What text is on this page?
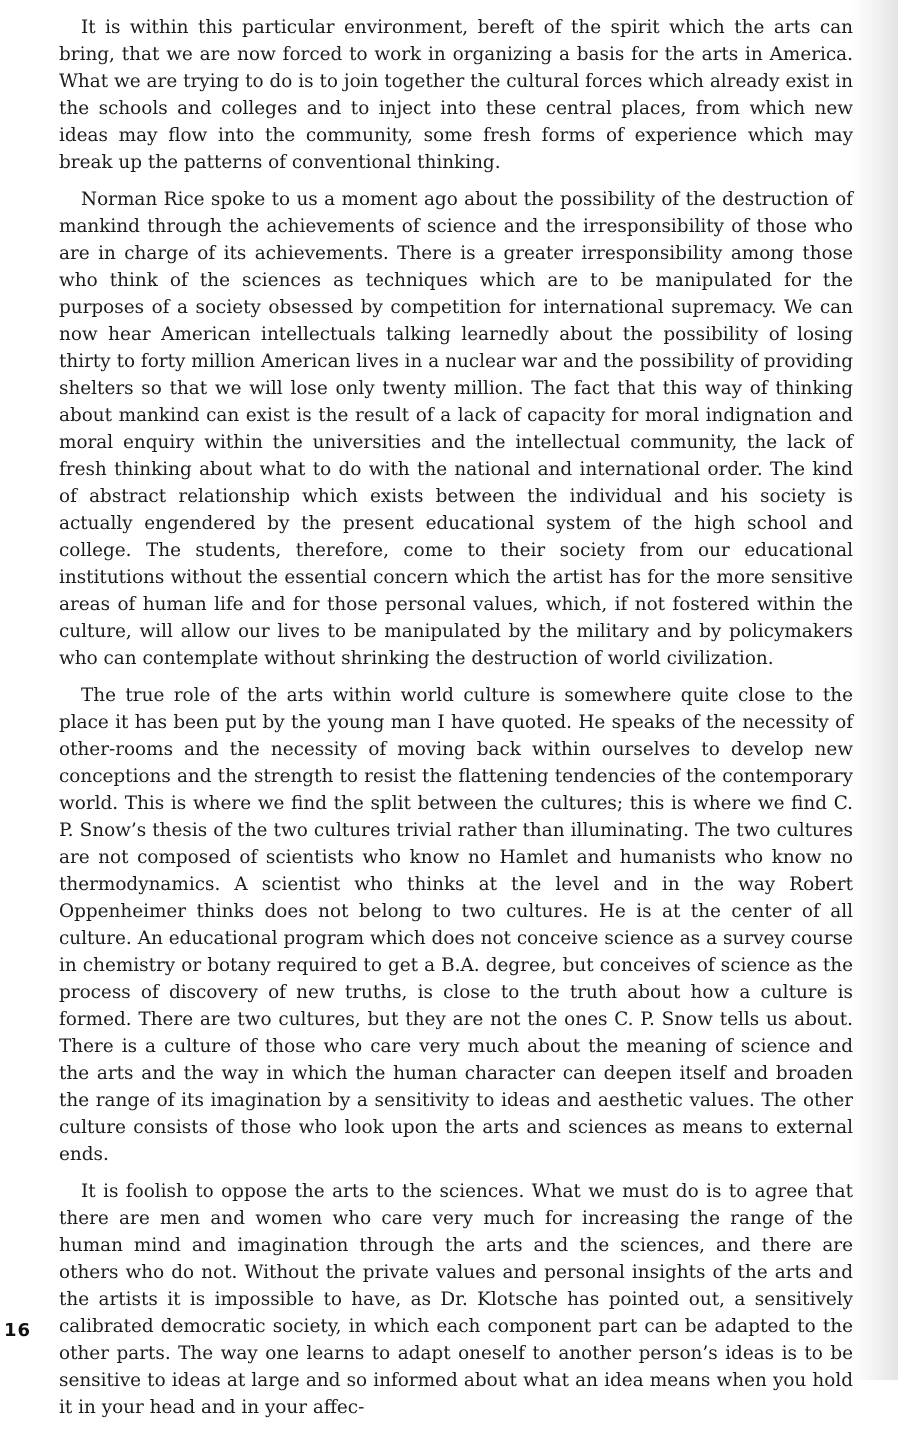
It is within this particular environment, bereft of the spirit which the arts can bring, that we are now forced to work in organizing a basis for the arts in America. What we are trying to do is to join together the cultural forces which already exist in the schools and colleges and to inject into these central places, from which new ideas may flow into the community, some fresh forms of experience which may break up the patterns of conventional thinking.

Norman Rice spoke to us a moment ago about the possibility of the destruction of mankind through the achievements of science and the irresponsibility of those who are in charge of its achievements. There is a greater irresponsibility among those who think of the sciences as techniques which are to be manipulated for the purposes of a society obsessed by competition for international supremacy. We can now hear American intellectuals talking learnedly about the possibility of losing thirty to forty million American lives in a nuclear war and the possibility of providing shelters so that we will lose only twenty million. The fact that this way of thinking about mankind can exist is the result of a lack of capacity for moral indignation and moral enquiry within the universities and the intellectual community, the lack of fresh thinking about what to do with the national and international order. The kind of abstract relationship which exists between the individual and his society is actually engendered by the present educational system of the high school and college. The students, therefore, come to their society from our educational institutions without the essential concern which the artist has for the more sensitive areas of human life and for those personal values, which, if not fostered within the culture, will allow our lives to be manipulated by the military and by policymakers who can contemplate without shrinking the destruction of world civilization.

The true role of the arts within world culture is somewhere quite close to the place it has been put by the young man I have quoted. He speaks of the necessity of other-rooms and the necessity of moving back within ourselves to develop new conceptions and the strength to resist the flattening tendencies of the contemporary world. This is where we find the split between the cultures; this is where we find C. P. Snow’s thesis of the two cultures trivial rather than illuminating. The two cultures are not composed of scientists who know no Hamlet and humanists who know no thermodynamics. A scientist who thinks at the level and in the way Robert Oppenheimer thinks does not belong to two cultures. He is at the center of all culture. An educational program which does not conceive science as a survey course in chemistry or botany required to get a B.A. degree, but conceives of science as the process of discovery of new truths, is close to the truth about how a culture is formed. There are two cultures, but they are not the ones C. P. Snow tells us about. There is a culture of those who care very much about the meaning of science and the arts and the way in which the human character can deepen itself and broaden the range of its imagination by a sensitivity to ideas and aesthetic values. The other culture consists of those who look upon the arts and sciences as means to external ends.

It is foolish to oppose the arts to the sciences. What we must do is to agree that there are men and women who care very much for increasing the range of the human mind and imagination through the arts and the sciences, and there are others who do not. Without the private values and personal insights of the arts and the artists it is impossible to have, as Dr. Klotsche has pointed out, a sensitively calibrated democratic society, in which each component part can be adapted to the other parts. The way one learns to adapt oneself to another person’s ideas is to be sensitive to ideas at large and so informed about what an idea means when you hold it in your head and in your affec-

16
